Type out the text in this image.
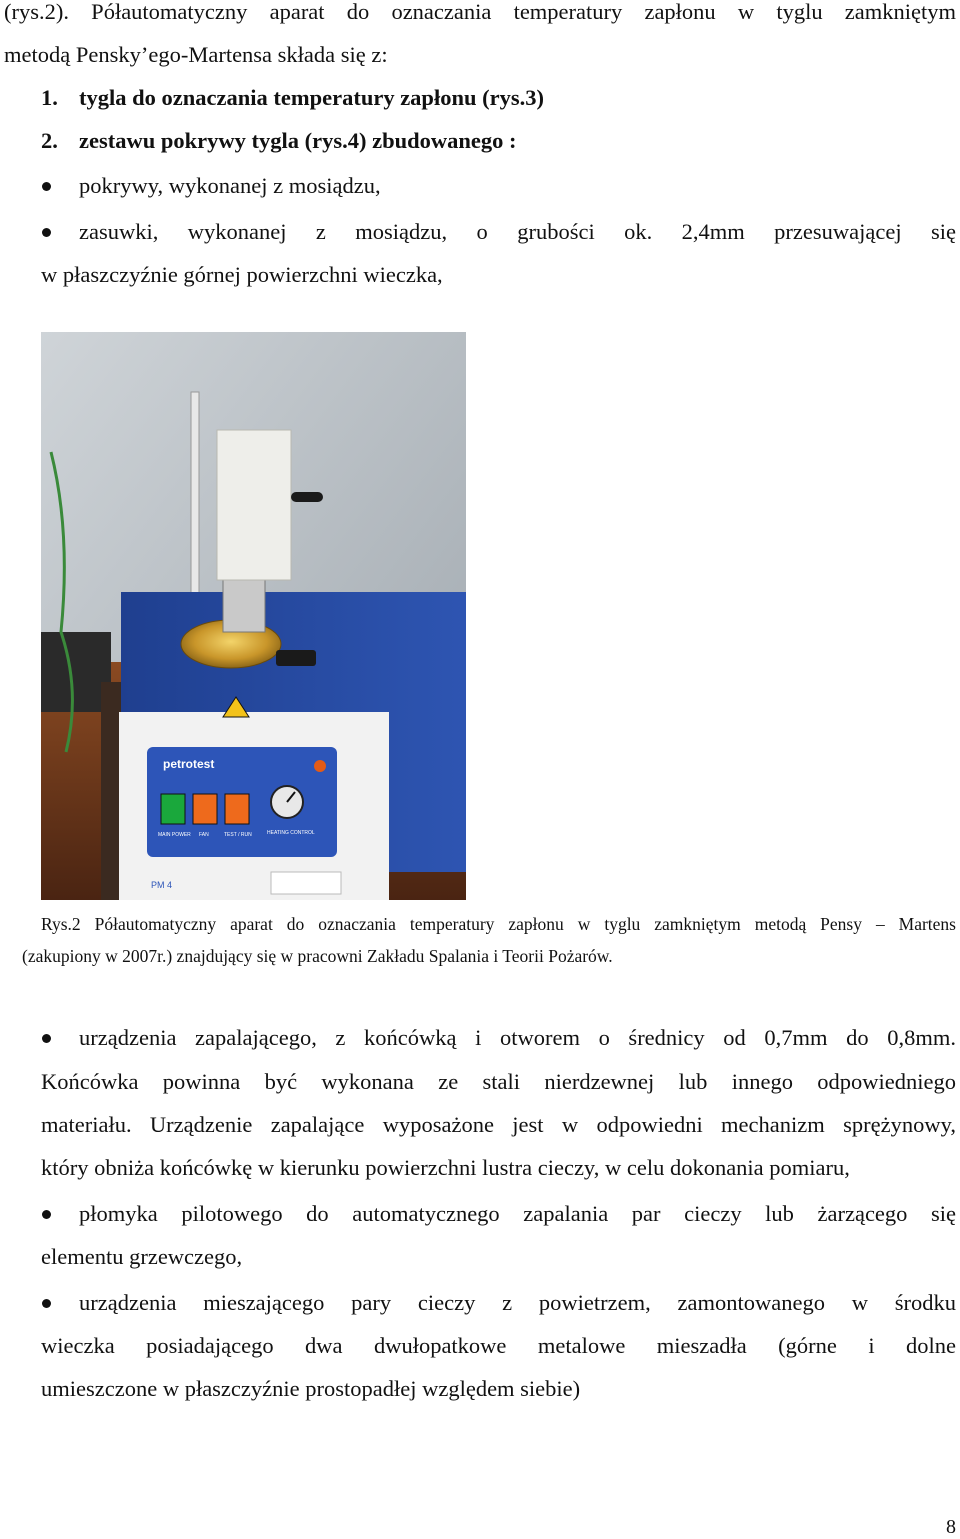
(rys.2). Półautomatyczny aparat do oznaczania temperatury zapłonu w tyglu zamkniętym
metodą Pensky’ego-Martensa składa się z:
1. tygla do oznaczania temperatury zapłonu (rys.3)
2. zestawu pokrywy tygla (rys.4) zbudowanego :
pokrywy, wykonanej z mosiądzu,
zasuwki, wykonanej z mosiądzu, o grubości ok. 2,4mm przesuwającej się
w płaszczyźnie górnej powierzchni wieczka,
petrotest
MAIN POWER FAN	TEST / RUN	HEATING CONTROL
PM 4
Rys.2 Półautomatyczny aparat do oznaczania temperatury zapłonu w tyglu zamkniętym metodą Pensy – Martens
(zakupiony w 2007r.) znajdujący się w pracowni Zakładu Spalania i Teorii Pożarów.
urządzenia zapalającego, z końcówką i otworem o średnicy od 0,7mm do 0,8mm.
Końcówka powinna być wykonana ze stali nierdzewnej lub innego odpowiedniego
materiału. Urządzenie zapalające wyposażone jest w odpowiedni mechanizm sprężynowy,
który obniża końcówkę w kierunku powierzchni lustra cieczy, w celu dokonania pomiaru,
płomyka pilotowego do automatycznego zapalania par cieczy lub żarzącego się
elementu grzewczego,
urządzenia mieszającego pary cieczy z powietrzem, zamontowanego w środku
wieczka posiadającego dwa dwułopatkowe metalowe mieszadła (górne i dolne
umieszczone w płaszczyźnie prostopadłej względem siebie)
8
